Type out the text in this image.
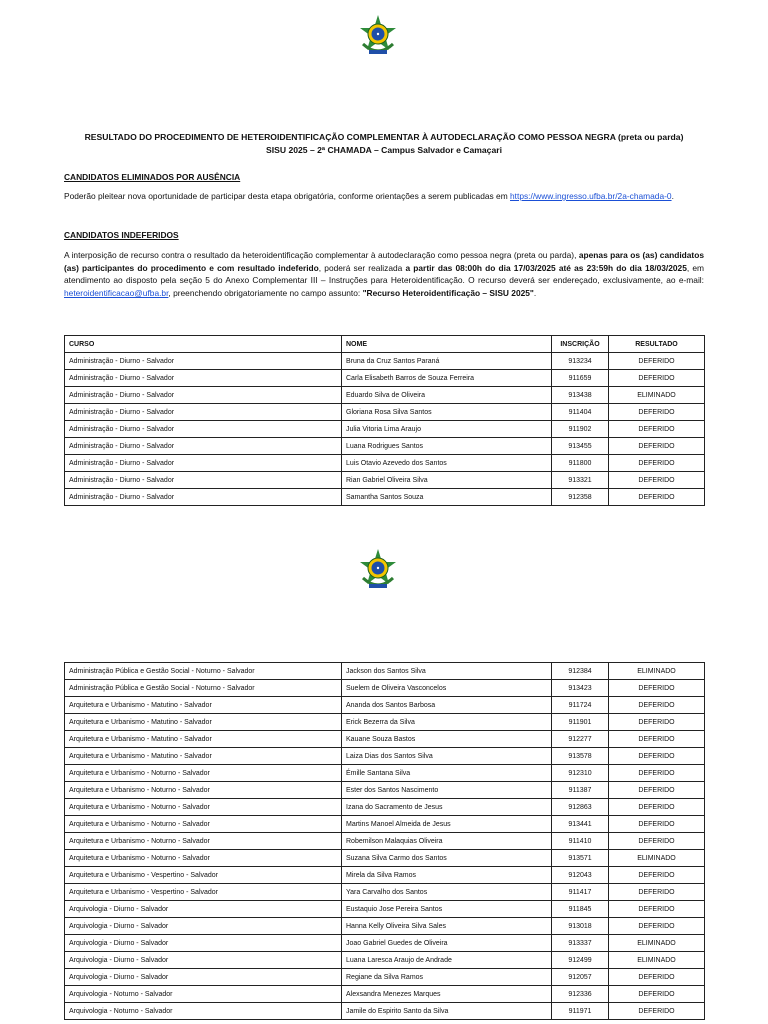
RESULTADO DO PROCEDIMENTO DE HETEROIDENTIFICAÇÃO COMPLEMENTAR À AUTODECLARAÇÃO COMO PESSOA NEGRA (preta ou parda)
SISU 2025 – 2ª CHAMADA – Campus Salvador e Camaçari
CANDIDATOS ELIMINADOS POR AUSÊNCIA
Poderão pleitear nova oportunidade de participar desta etapa obrigatória, conforme orientações a serem publicadas em https://www.ingresso.ufba.br/2a-chamada-0.
CANDIDATOS INDEFERIDOS
A interposição de recurso contra o resultado da heteroidentificação complementar à autodeclaração como pessoa negra (preta ou parda), apenas para os (as) candidatos (as) participantes do procedimento e com resultado indeferido, poderá ser realizada a partir das 08:00h do dia 17/03/2025 até as 23:59h do dia 18/03/2025, em atendimento ao disposto pela seção 5 do Anexo Complementar III – Instruções para Heteroidentificação. O recurso deverá ser endereçado, exclusivamente, ao e-mail: heteroidentificacao@ufba.br, preenchendo obrigatoriamente no campo assunto: "Recurso Heteroidentificação – SISU 2025".
CURSO	NOME	INSCRIÇÃO	RESULTADO
Administração - Diurno - Salvador	Bruna da Cruz Santos Paraná	913234	DEFERIDO
Administração - Diurno - Salvador	Carla Elisabeth Barros de Souza Ferreira	911659	DEFERIDO
Administração - Diurno - Salvador	Eduardo Silva de Oliveira	913438	ELIMINADO
Administração - Diurno - Salvador	Gloriana Rosa Silva Santos	911404	DEFERIDO
Administração - Diurno - Salvador	Julia Vitoria Lima Araujo	911902	DEFERIDO
Administração - Diurno - Salvador	Luana Rodrigues Santos	913455	DEFERIDO
Administração - Diurno - Salvador	Luis Otavio Azevedo dos Santos	911800	DEFERIDO
Administração - Diurno - Salvador	Rian Gabriel Oliveira Silva	913321	DEFERIDO
Administração - Diurno - Salvador	Samantha Santos Souza	912358	DEFERIDO
Administração Pública e Gestão Social - Noturno - Salvador	Jackson dos Santos Silva	912384	ELIMINADO
Administração Pública e Gestão Social - Noturno - Salvador	Suelem de Oliveira Vasconcelos	913423	DEFERIDO
Arquitetura e Urbanismo - Matutino - Salvador	Ananda dos Santos Barbosa	911724	DEFERIDO
Arquitetura e Urbanismo - Matutino - Salvador	Erick Bezerra da Silva	911901	DEFERIDO
Arquitetura e Urbanismo - Matutino - Salvador	Kauane Souza Bastos	912277	DEFERIDO
Arquitetura e Urbanismo - Matutino - Salvador	Laiza Dias dos Santos Silva	913578	DEFERIDO
Arquitetura e Urbanismo - Noturno - Salvador	Émille Santana Silva	912310	DEFERIDO
Arquitetura e Urbanismo - Noturno - Salvador	Ester dos Santos Nascimento	911387	DEFERIDO
Arquitetura e Urbanismo - Noturno - Salvador	Izana do Sacramento de Jesus	912863	DEFERIDO
Arquitetura e Urbanismo - Noturno - Salvador	Martins Manoel Almeida de Jesus	913441	DEFERIDO
Arquitetura e Urbanismo - Noturno - Salvador	Robemilson Malaquias Oliveira	911410	DEFERIDO
Arquitetura e Urbanismo - Noturno - Salvador	Suzana Silva Carmo dos Santos	913571	ELIMINADO
Arquitetura e Urbanismo - Vespertino - Salvador	Mirela da Silva Ramos	912043	DEFERIDO
Arquitetura e Urbanismo - Vespertino - Salvador	Yara Carvalho dos Santos	911417	DEFERIDO
Arquivologia - Diurno - Salvador	Eustaquio Jose Pereira Santos	911845	DEFERIDO
Arquivologia - Diurno - Salvador	Hanna Kelly Oliveira Silva Sales	913018	DEFERIDO
Arquivologia - Diurno - Salvador	Joao Gabriel Guedes de Oliveira	913337	ELIMINADO
Arquivologia - Diurno - Salvador	Luana Laresca Araujo de Andrade	912499	ELIMINADO
Arquivologia - Diurno - Salvador	Regiane da Silva Ramos	912057	DEFERIDO
Arquivologia - Noturno - Salvador	Alexsandra Menezes Marques	912336	DEFERIDO
Arquivologia - Noturno - Salvador	Jamile do Espirito Santo da Silva	911971	DEFERIDO
